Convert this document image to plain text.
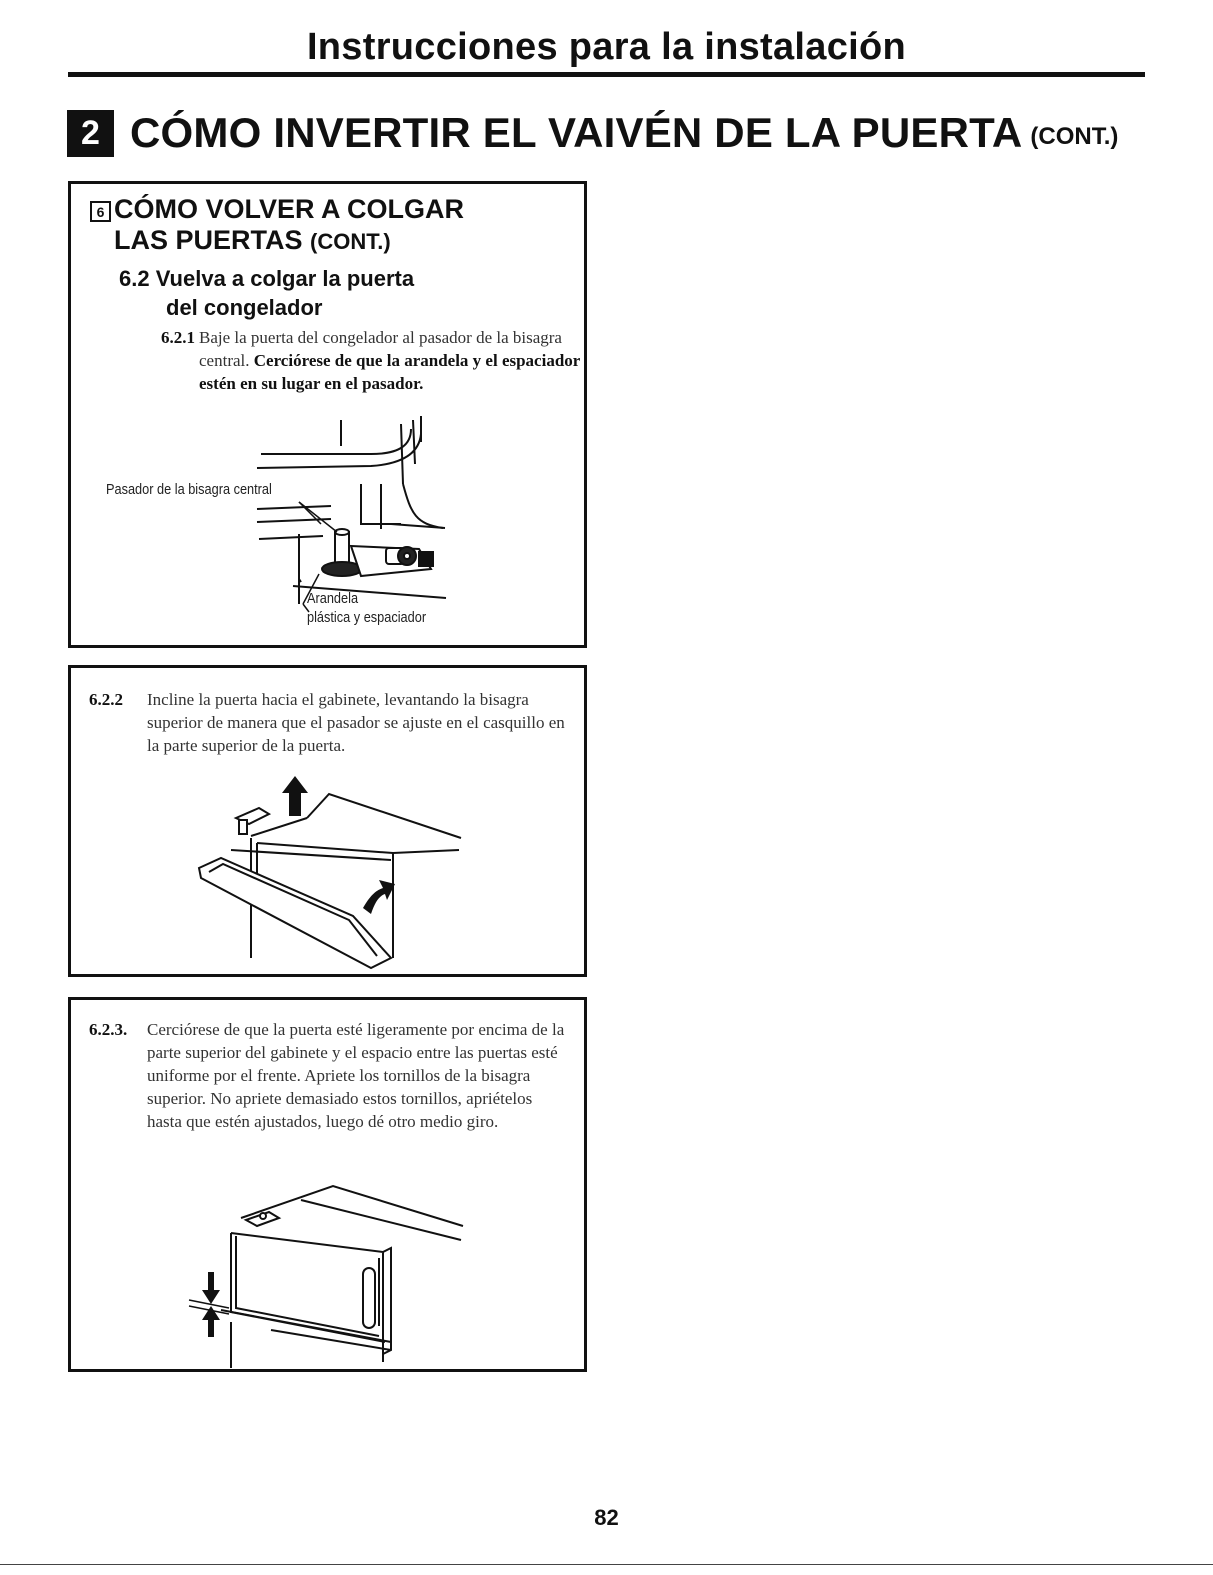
Instrucciones para la instalación
2 CÓMO INVERTIR EL VAIVÉN DE LA PUERTA (CONT.)
6 CÓMO VOLVER A COLGAR
LAS PUERTAS (CONT.)
6.2 Vuelva a colgar la puerta
del congelador
6.2.1 Baje la puerta del congelador al pasador de la bisagra central. Cerciórese de que la arandela y el espaciador estén en su lugar en el pasador.
Pasador de la bisagra central
Arandela
plástica y espaciador
6.2.2 Incline la puerta hacia el gabinete, levantando la bisagra superior de manera que el pasador se ajuste en el casquillo en la parte superior de la puerta.
6.2.3. Cerciórese de que la puerta esté ligeramente por encima de la parte superior del gabinete y el espacio entre las puertas esté uniforme por el frente. Apriete los tornillos de la bisagra superior. No apriete demasiado estos tornillos, apriételos hasta que estén ajustados, luego dé otro medio giro.
82
